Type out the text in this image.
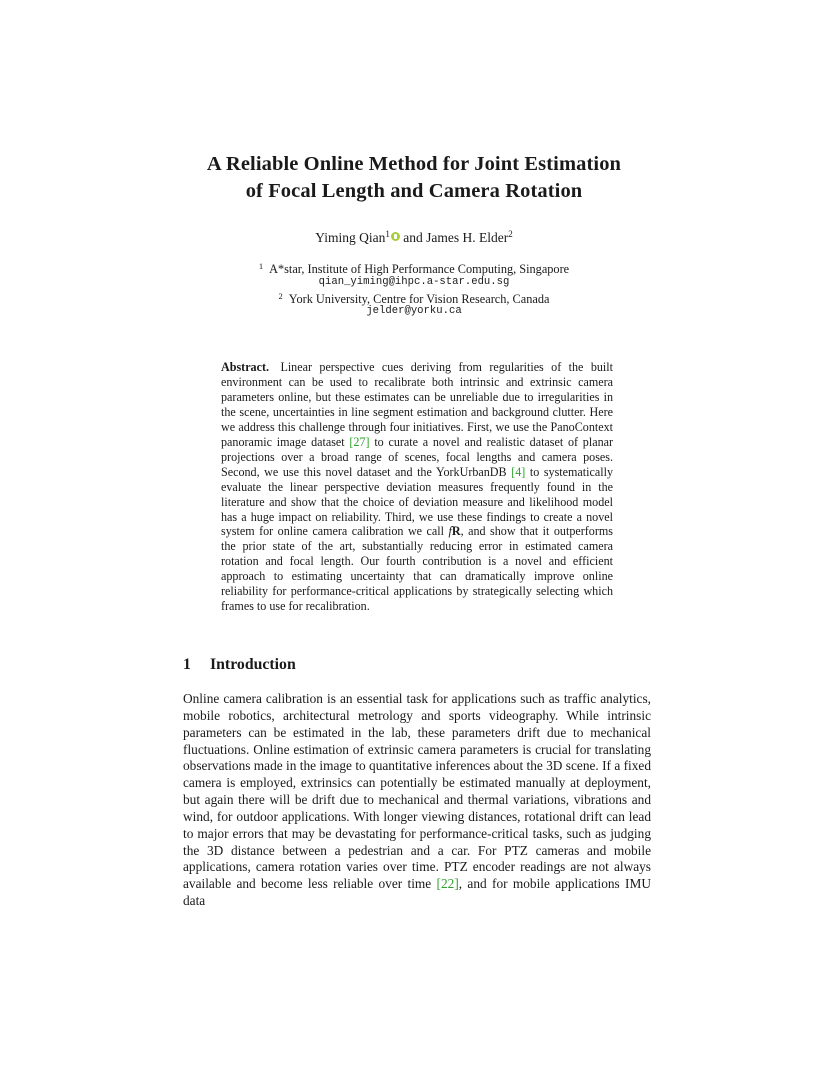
A Reliable Online Method for Joint Estimation
of Focal Length and Camera Rotation
Yiming Qian$^1$ and James H. Elder$^2$
$^1$ A*star, Institute of High Performance Computing, Singapore
qian_yiming@ihpc.a-star.edu.sg
$^2$ York University, Centre for Vision Research, Canada
jelder@yorku.ca
Abstract. Linear perspective cues deriving from regularities of the built environment can be used to recalibrate both intrinsic and extrinsic camera parameters online, but these estimates can be unreliable due to irregularities in the scene, uncertainties in line segment estimation and background clutter. Here we address this challenge through four initiatives. First, we use the PanoContext panoramic image dataset [27] to curate a novel and realistic dataset of planar projections over a broad range of scenes, focal lengths and camera poses. Second, we use this novel dataset and the YorkUrbanDB [4] to systematically evaluate the linear perspective deviation measures frequently found in the literature and show that the choice of deviation measure and likelihood model has a huge impact on reliability. Third, we use these findings to create a novel system for online camera calibration we call fR, and show that it outperforms the prior state of the art, substantially reducing error in estimated camera rotation and focal length. Our fourth contribution is a novel and efficient approach to estimating uncertainty that can dramatically improve online reliability for performance-critical applications by strategically selecting which frames to use for recalibration.
1 Introduction
Online camera calibration is an essential task for applications such as traffic analytics, mobile robotics, architectural metrology and sports videography. While intrinsic parameters can be estimated in the lab, these parameters drift due to mechanical fluctuations. Online estimation of extrinsic camera parameters is crucial for translating observations made in the image to quantitative inferences about the 3D scene. If a fixed camera is employed, extrinsics can potentially be estimated manually at deployment, but again there will be drift due to mechanical and thermal variations, vibrations and wind, for outdoor applications. With longer viewing distances, rotational drift can lead to major errors that may be devastating for performance-critical tasks, such as judging the 3D distance between a pedestrian and a car. For PTZ cameras and mobile applications, camera rotation varies over time. PTZ encoder readings are not always available and become less reliable over time [22], and for mobile applications IMU data
